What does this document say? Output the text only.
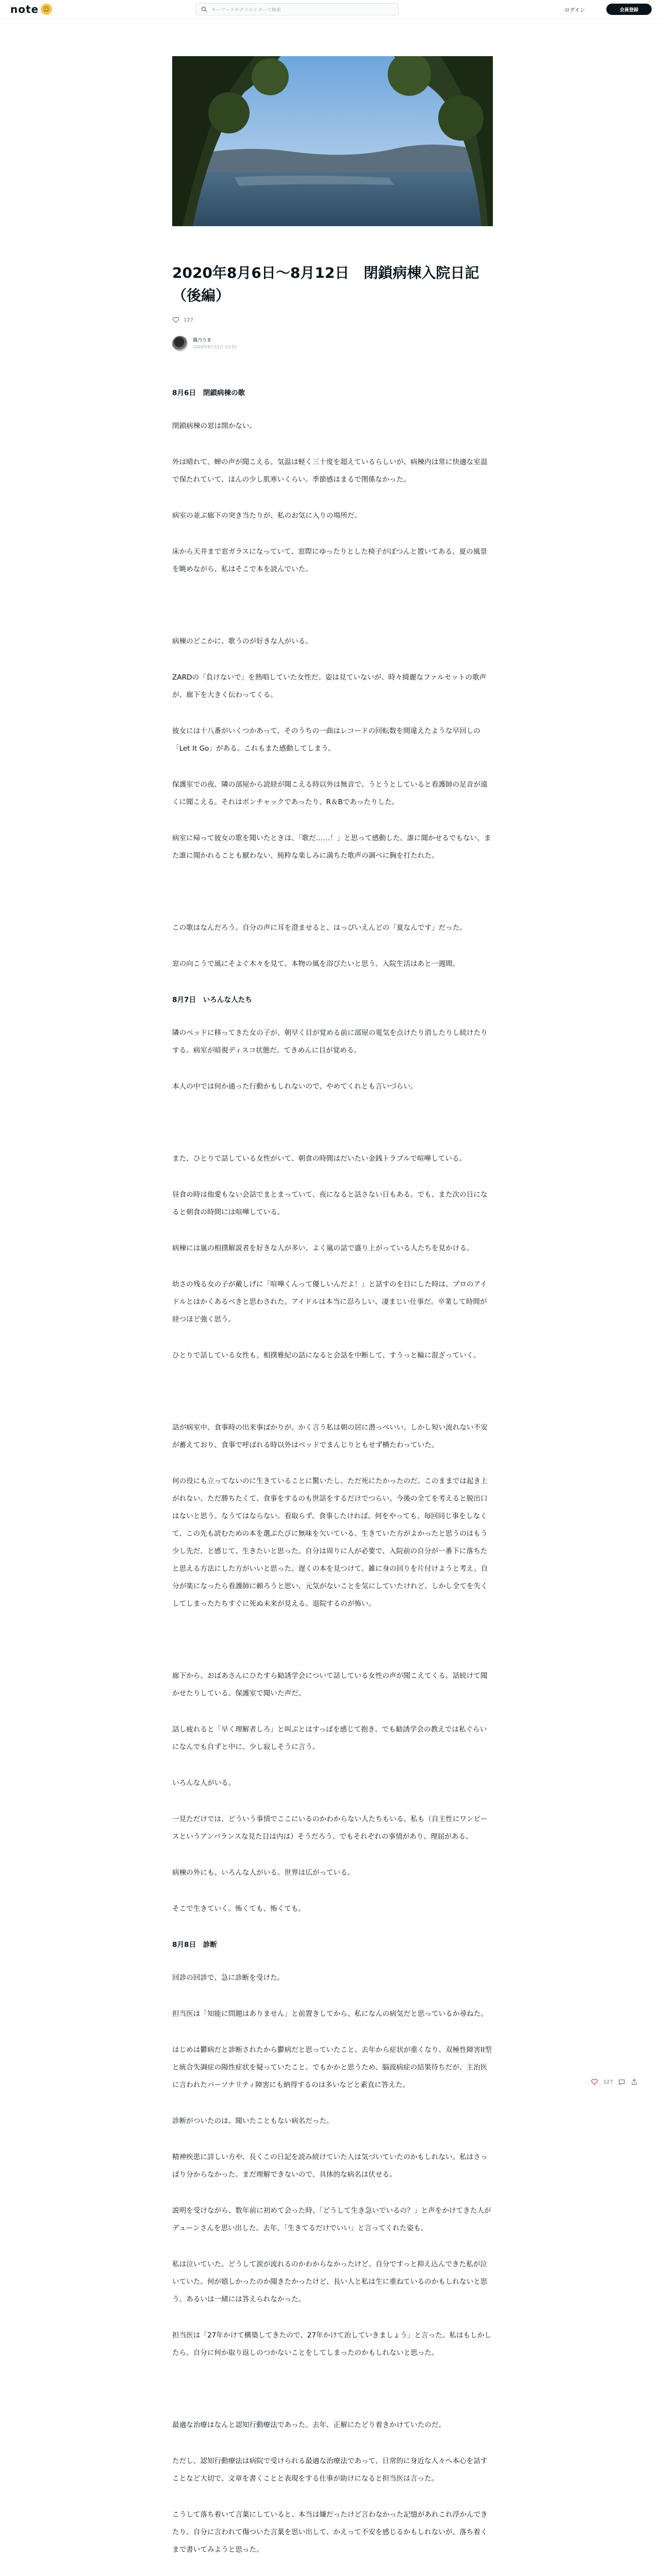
note ☺	キーワードやクリエイターで検索	ログイン	会員登録
2020年8月6日～8月12日　閉鎖病棟入院日記（後編）
127
織乃りま
2020年8月12日 23:52

8月6日　閉鎖病棟の歌

閉鎖病棟の窓は開かない。

外は晴れて、蝉の声が聞こえる。気温は軽く三十度を超えているらしいが、病棟内は常に快適な室温で保たれていて、ほんの少し肌寒いくらい。季節感はまるで関係なかった。

病室の並ぶ廊下の突き当たりが、私のお気に入りの場所だ。

床から天井まで窓ガラスになっていて、窓際にゆったりとした椅子がぽつんと置いてある。夏の風景を眺めながら、私はそこで本を読んでいた。

病棟のどこかに、歌うのが好きな人がいる。

ZARDの「負けないで」を熱唱していた女性だ。姿は見ていないが、時々綺麗なファルセットの歌声が、廊下を大きく伝わってくる。

彼女には十八番がいくつかあって、そのうちの一曲はレコードの回転数を間違えたような早回しの「Let It Go」がある。これもまた感動してしまう。

保護室での夜、隣の部屋から読経が聞こえる時以外は無音で、うとうとしていると看護師の足音が遠くに聞こえる。それはポンチャックであったり、R＆Bであったりした。

病室に帰って彼女の歌を聞いたときは、「歌だ……！」と思って感動した。誰に聞かせるでもない、また誰に聞かれることも厭わない、純粋な楽しみに満ちた歌声の調べに胸を打たれた。

この歌はなんだろう。自分の声に耳を澄ませると、はっぴいえんどの「夏なんです」だった。

窓の向こうで風にそよぐ木々を見て、本物の風を浴びたいと思う。入院生活はあと一週間。

8月7日　いろんな人たち

隣のベッドに移ってきた女の子が、朝早く目が覚める前に部屋の電気を点けたり消したりし続けたりする。病室が暗視ディスコ状態だ。てきめんに目が覚める。

本人の中では何か通った行動かもしれないので、やめてくれとも言いづらい。

また、ひとりで話している女性がいて、朝食の時間はだいたい金銭トラブルで喧嘩している。

昼食の時は他愛もない会話でまとまっていて、夜になると話さない日もある。でも、また次の日になると朝食の時間には喧嘩している。

病棟には嵐の相撲解説者を好きな人が多い。よく嵐の話で盛り上がっている人たちを見かける。

幼さの残る女の子が戴しげに「喧嘩くんって優しいんだよ！」と話すのを目にした時は、プロのアイドルとはかくあるべきと思わされた。アイドルは本当に忍ろしい、凄まじい仕事だ。卒業して時間が経つほど強く思う。

ひとりで話している女性も、相撲雅紀の話になると会話を中断して、すうっと輪に混ざっていく。

話が病室中、食事時の出来事ばかりが、かく言う私は朝の居に潜っぺいい。しかし短い流れない不安が蓄えており、食事で呼ばれる時以外はベッドでまんじりともせず横たわっていた。

何の役にも立ってないのに生きていることに驚いたし、ただ死にたかったのだ。このままでは起き上がれない、ただ勝ちたくて、食事をするのも世話をするだけでつらい。今後の全てを考えると脱出口はないと思う。なうてはならない。看取らず。食事したければ、何をやっても、毎回同じ事をしなくて、この先も読むための本を選ぶたびに無味を欠いている。生きていた方がよかったと思うのはもう少し先だ、と感じて、生きたいと思った。自分は周りに人が必要で、入院前の自分が一番下に落ちたと思える方法にした方がいいと思った。遅くの本を見つけて、雑に身の回りを片付けようと考え、自分が楽になったら看護師に頼ろうと思い、元気がないことを気にしていたけれど、しかし全てを失くしてしまったたちすぐに死ぬ未来が見える。退院するのが怖い。

廊下から、おばあさんにひたすら勧誘学会について話している女性の声が聞こえてくる。話続けて聞かせたりしている。保護室で聞いた声だ。

話し疲れると「早く理解者しろ」と叫ぶとはすっぱを感じて抱き、でも勧誘学会の教えでは私ぐらいになんでも自ずと中に、少し寂しそうに言う。

いろんな人がいる。

一見ただけでは、どういう事情でここにいるのかわからない人たちもいる。私も（自主性にワンピースというアンバランスな見た目は内は）そうだろう、でもそれぞれの事情があり、理屈がある。

病棟の外にも、いろんな人がいる。世界は広がっている。

そこで生きていく。怖くても、怖くても。

8月8日　診断

回診の回診で、急に診断を受けた。

担当医は「知能に問題はありません」と前置きしてから、私になんの病気だと思っているか尋ねた。

はじめは鬱病だと診断されたから鬱病だと思っていたこと、去年から症状が重くなり、双極性障害II型と統合失調症の陽性症状を疑っていたこと、でもかかと思うため、脳波病症の結果待ちだが、主治医に言われたパーソナリティ障害にも納得するのは多いなどと素直に答えた。

診断がついたのは、聞いたこともない病名だった。

精神疾患に詳しい方や、長くこの日記を読み続けていた人は気づいていたのかもしれない。私はさっぱり分からなかった。まだ理解できないので、具体的な病名は伏せる。

説明を受けながら、数年前に初めて会った時、「どうして生き急いでいるの？」と声をかけてきた人がデューンさんを思い出した。去年、「生きてるだけでいい」と言ってくれた姿も。

私は泣いていた。どうして涙が流れるのかわからなかったけど、自分ですっと抑え込んできた私が泣いていた。何が嬉しかったのか聞きたかったけど、長い人と私は生に重ねているのかもしれないと思う。あるいは一緒には答えられなかった。

担当医は「27年かけて構築してきたので、27年かけて治していきましょう」と言った。私はもしかしたら、自分に何か取り返しのつかないことをしてしまったのかもしれないと思った。

最適な治療はなんと認知行動療法であった。去年、正解にたどり着きかけていたのだ。

ただし、認知行動療法は病院で受けられる最適な治療法であって、日常的に身近な人々へ本心を話すことなど大切で、文章を書くことと表現をする仕事が助けになると担当医は言った。

こうして落ち着いて言葉にしていると、本当は嫌だったけど言わなかった記憶があれこれ浮かんできたり、自分に言われて傷ついた言葉を思い出して、かえって不安を感じるかもしれないが、落ち着くまで書いてみようと思った。

127
